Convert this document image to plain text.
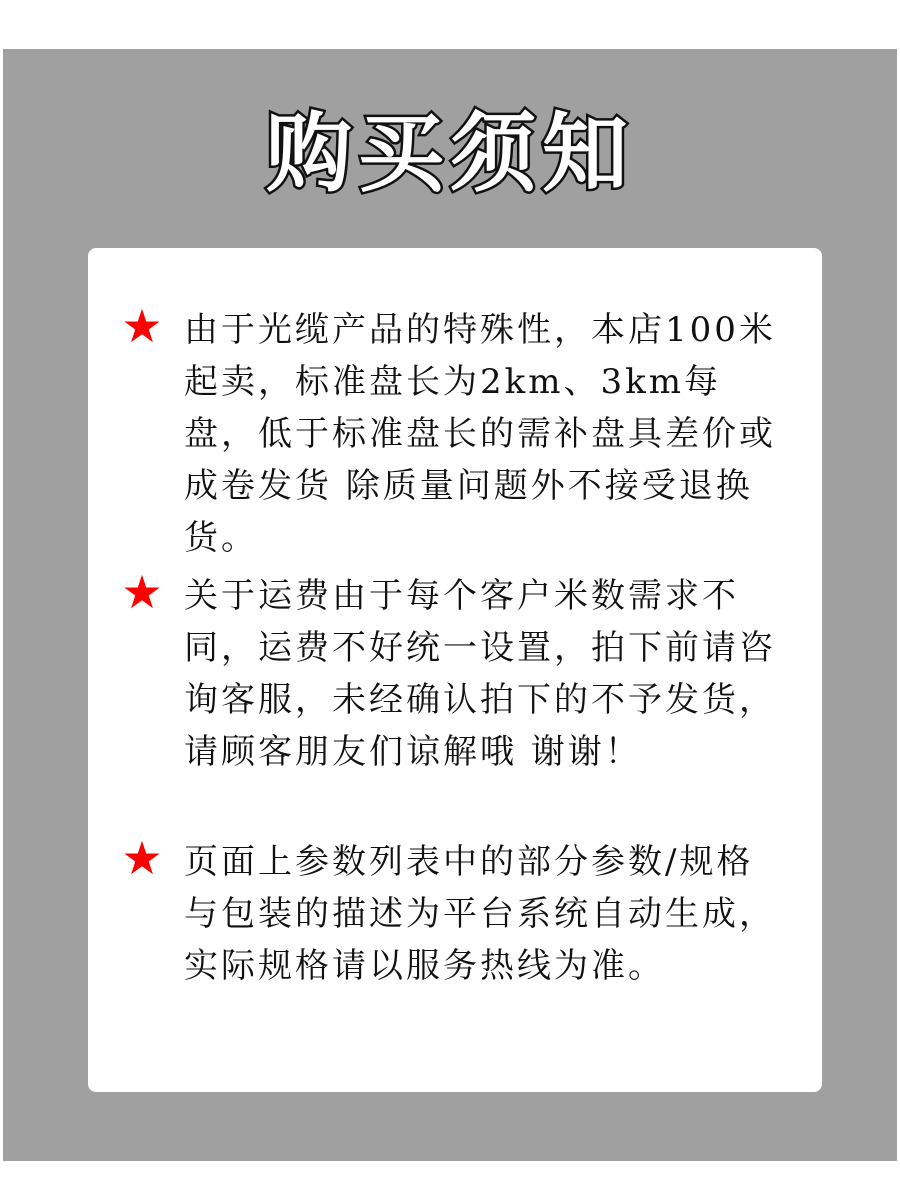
购买须知
★ 由于光缆产品的特殊性，本店100米起卖，标准盘长为2km、3km每盘，低于标准盘长的需补盘具差价或成卷发货 除质量问题外不接受退换货。

★ 关于运费由于每个客户米数需求不同，运费不好统一设置，拍下前请咨询客服，未经确认拍下的不予发货，请顾客朋友们谅解哦 谢谢！

★ 页面上参数列表中的部分参数/规格与包装的描述为平台系统自动生成，实际规格请以服务热线为准。
